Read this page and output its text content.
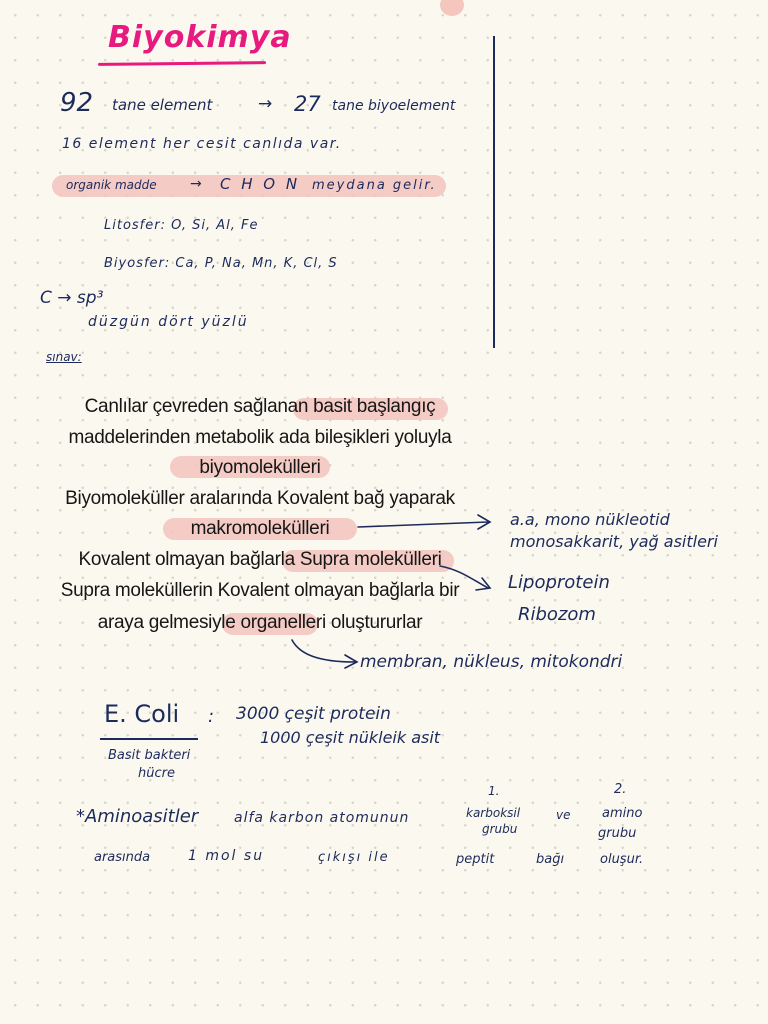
Biyokimya
92 tane element	→ 27 tane biyoelement
16 element her cesit canlıda var.
organik madde → C H O N meydana gelir.
Litosfer: O, Si, Al, Fe
Biyosfer: Ca, P, Na, Mn, K, Cl, S
C → sp³
düzgün dört yüzlü
sınav:
Canlılar çevreden sağlanan basit başlangıç
maddelerinden metabolik ada bileşikleri yoluyla
biyomolekülleri
Biyomoleküller aralarında Kovalent bağ yaparak
makromolekülleri
Kovalent olmayan bağlarla Supra molekülleri
Supra moleküllerin Kovalent olmayan bağlarla bir
araya gelmesiyle organelleri oluştururlar
a.a, mono nükleotid
monosakkarit, yağ asitleri
Lipoprotein
Ribozom
membran, nükleus, mitokondri
E. Coli : 3000 çeşit protein
1000 çeşit nükleik asit
Basit bakteri
hücre
1.	2.
*Aminoasitler	alfa karbon atomunun	karboksil
grubu
ve amino
grubu
arasında	1 mol su	çıkışı ile	peptit	bağı	oluşur.
